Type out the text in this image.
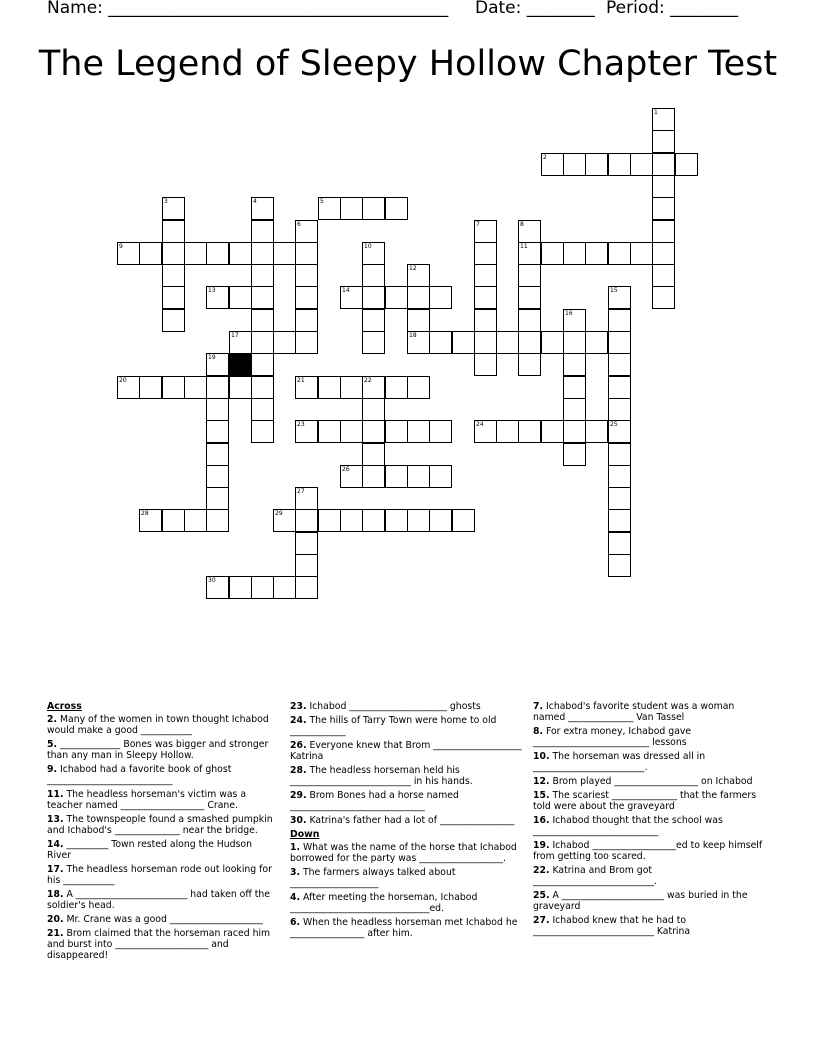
Name: ________________________________________ Date: ________ Period: ________
The Legend of Sleepy Hollow Chapter Test
1
2
3	4	5
6	7	8
11
9	10
12
13	14	15
16
17	18
19
20	21	22
23	24	25
26
27
28	29
30
Across
2. Many of the women in town thought Ichabod would make a good ___________
5. _____________ Bones was bigger and stronger than any man in Sleepy Hollow.
9. Ichabod had a favorite book of ghost ___________________________
11. The headless horseman's victim was a teacher named __________________ Crane.
13. The townspeople found a smashed pumpkin and Ichabod's ______________ near the bridge.
14. _________ Town rested along the Hudson River
17. The headless horseman rode out looking for his ___________
18. A ________________________ had taken off the soldier's head.
20. Mr. Crane was a good ____________________
21. Brom claimed that the horseman raced him and burst into ____________________ and disappeared!
23. Ichabod _____________________ ghosts
24. The hills of Tarry Town were home to old ____________
26. Everyone knew that Brom ___________________ Katrina
28. The headless horseman held his __________________________ in his hands.
29. Brom Bones had a horse named _____________________________
30. Katrina's father had a lot of ________________
Down
1. What was the name of the horse that Ichabod borrowed for the party was __________________.
3. The farmers always talked about ___________________
4. After meeting the horseman, Ichabod ______________________________ed.
6. When the headless horseman met Ichabod he ________________ after him.
7. Ichabod's favorite student was a woman named ______________ Van Tassel
8. For extra money, Ichabod gave _________________________ lessons
10. The horseman was dressed all in ________________________.
12. Brom played __________________ on Ichabod
15. The scariest ______________ that the farmers told were about the graveyard
16. Ichabod thought that the school was ___________________________
19. Ichabod __________________ed to keep himself from getting too scared.
22. Katrina and Brom got __________________________.
25. A ______________________ was buried in the graveyard
27. Ichabod knew that he had to __________________________ Katrina
